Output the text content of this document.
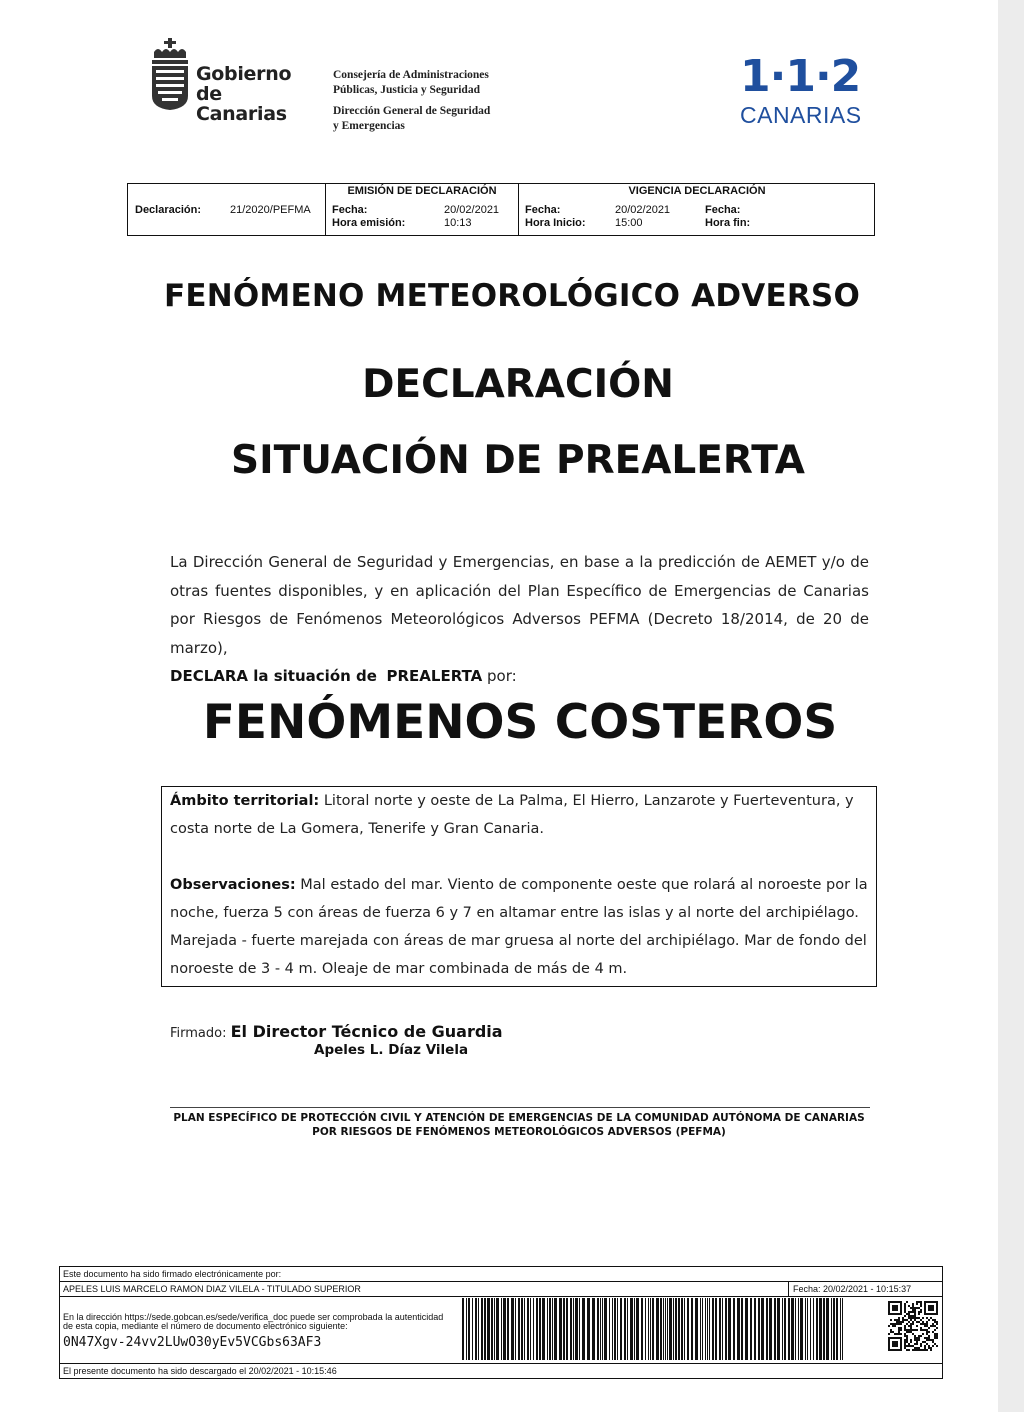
Gobierno
de Canarias
Consejería de Administraciones
Públicas, Justicia y Seguridad
Dirección General de Seguridad
y Emergencias
1·1·2
CANARIAS
Declaración:	21/2020/PEFMA
EMISIÓN DE DECLARACIÓN
Fecha:	20/02/2021
Hora emisión:	10:13
VIGENCIA DECLARACIÓN
Fecha:	20/02/2021
Hora Inicio:	15:00
Fecha:
Hora fin:
FENÓMENO METEOROLÓGICO ADVERSO
DECLARACIÓN
SITUACIÓN DE PREALERTA
La Dirección General de Seguridad y Emergencias, en base a la predicción de AEMET y/o de otras fuentes disponibles, y en aplicación del Plan Específico de Emergencias de Canarias por Riesgos de Fenómenos Meteorológicos Adversos PEFMA (Decreto 18/2014, de 20 de marzo),
DECLARA la situación de PREALERTA por:
FENÓMENOS COSTEROS
Ámbito territorial: Litoral norte y oeste de La Palma, El Hierro, Lanzarote y Fuerteventura, y costa norte de La Gomera, Tenerife y Gran Canaria.
Observaciones: Mal estado del mar. Viento de componente oeste que rolará al noroeste por la noche, fuerza 5 con áreas de fuerza 6 y 7 en altamar entre las islas y al norte del archipiélago. Marejada - fuerte marejada con áreas de mar gruesa al norte del archipiélago. Mar de fondo del noroeste de 3 - 4 m. Oleaje de mar combinada de más de 4 m.
Firmado: El Director Técnico de Guardia
Apeles L. Díaz Vilela
PLAN ESPECÍFICO DE PROTECCIÓN CIVIL Y ATENCIÓN DE EMERGENCIAS DE LA COMUNIDAD AUTÓNOMA DE CANARIAS
POR RIESGOS DE FENÓMENOS METEOROLÓGICOS ADVERSOS (PEFMA)
Este documento ha sido firmado electrónicamente por:
APELES LUIS MARCELO RAMON DIAZ VILELA - TITULADO SUPERIOR	Fecha: 20/02/2021 - 10:15:37
En la dirección https://sede.gobcan.es/sede/verifica_doc puede ser comprobada la autenticidad de esta copia, mediante el número de documento electrónico siguiente:
0N47Xgv-24vv2LUwO30yEv5VCGbs63AF3
El presente documento ha sido descargado el 20/02/2021 - 10:15:46
